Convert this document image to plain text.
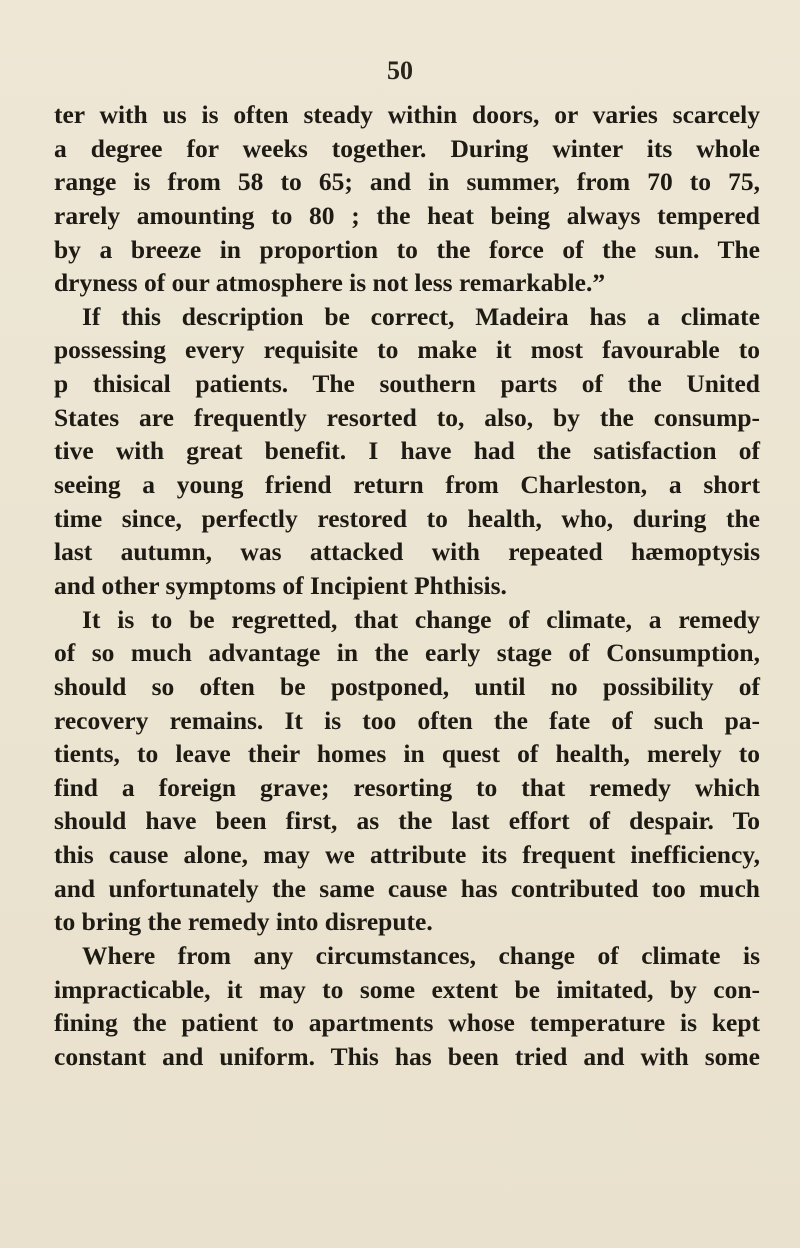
50
ter with us is often steady within doors, or varies scarcely
a degree for weeks together. During winter its whole
range is from 58 to 65; and in summer, from 70 to 75,
rarely amounting to 80 ; the heat being always tempered
by a breeze in proportion to the force of the sun. The
dryness of our atmosphere is not less remarkable.”
If this description be correct, Madeira has a climate
possessing every requisite to make it most favourable to
p thisical patients. The southern parts of the United
States are frequently resorted to, also, by the consump-
tive with great benefit. I have had the satisfaction of
seeing a young friend return from Charleston, a short
time since, perfectly restored to health, who, during the
last autumn, was attacked with repeated hæmoptysis
and other symptoms of Incipient Phthisis.
It is to be regretted, that change of climate, a remedy
of so much advantage in the early stage of Consumption,
should so often be postponed, until no possibility of
recovery remains. It is too often the fate of such pa-
tients, to leave their homes in quest of health, merely to
find a foreign grave; resorting to that remedy which
should have been first, as the last effort of despair. To
this cause alone, may we attribute its frequent inefficiency,
and unfortunately the same cause has contributed too much
to bring the remedy into disrepute.
Where from any circumstances, change of climate is
impracticable, it may to some extent be imitated, by con-
fining the patient to apartments whose temperature is kept
constant and uniform. This has been tried and with some
